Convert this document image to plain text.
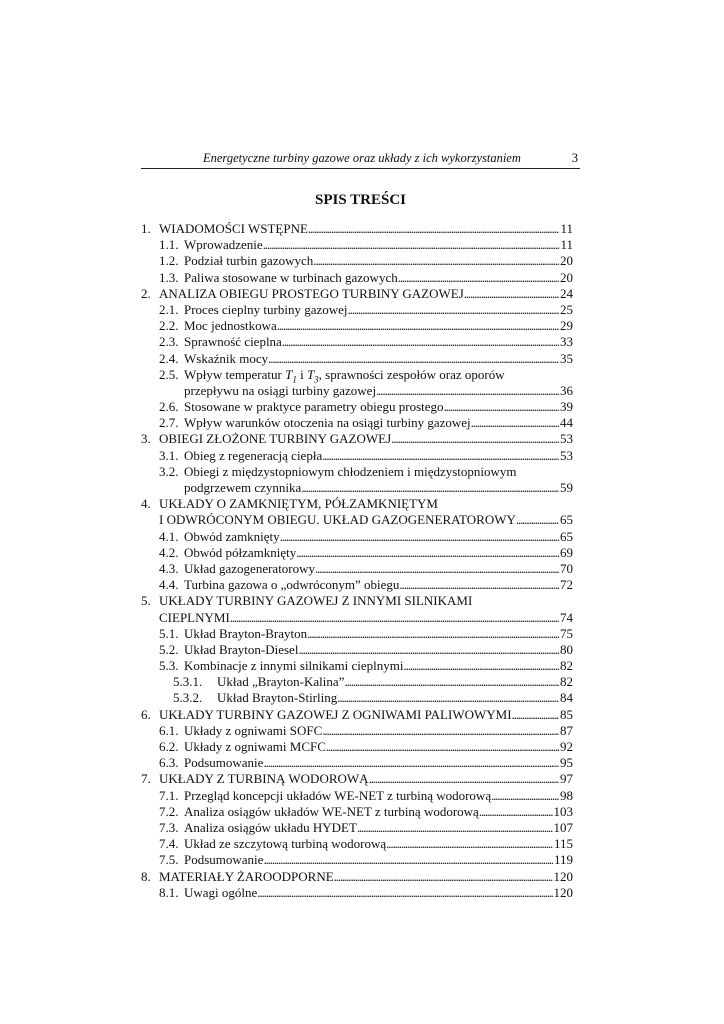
Energetyczne turbiny gazowe oraz układy z ich wykorzystaniem	3
SPIS TREŚCI
1. WIADOMOŚCI WSTĘPNE . . .	11
1.1. Wprowadzenie . . .	11
1.2. Podział turbin gazowych . . .	20
1.3. Paliwa stosowane w turbinach gazowych . . .	20
2. ANALIZA OBIEGU PROSTEGO TURBINY GAZOWEJ . . .	24
2.1. Proces cieplny turbiny gazowej . . .	25
2.2. Moc jednostkowa . . .	29
2.3. Sprawność cieplna . . .	33
2.4. Wskaźnik mocy . . .	35
2.5. Wpływ temperatur $T_1$ i $T_3$, sprawności zespołów oraz oporów
przepływu na osiągi turbiny gazowej . . .	36
2.6. Stosowane w praktyce parametry obiegu prostego . . .	39
2.7. Wpływ warunków otoczenia na osiągi turbiny gazowej . . .	44
3. OBIEGI ZŁOŻONE TURBINY GAZOWEJ . . .	53
3.1. Obieg z regeneracją ciepła . . .	53
3.2. Obiegi z międzystopniowym chłodzeniem i międzystopniowym
podgrzewem czynnika . . .	59
4. UKŁADY O ZAMKNIĘTYM, PÓŁZAMKNIĘTYM
I ODWRÓCONYM OBIEGU. UKŁAD GAZOGENERATOROWY . . .	65
4.1. Obwód zamknięty . . .	65
4.2. Obwód półzamknięty . . .	69
4.3. Układ gazogeneratorowy . . .	70
4.4. Turbina gazowa o „odwróconym” obiegu . . .	72
5. UKŁADY TURBINY GAZOWEJ Z INNYMI SILNIKAMI
CIEPLNYMI . . .	74
5.1. Układ Brayton-Brayton . . .	75
5.2. Układ Brayton-Diesel . . .	80
5.3. Kombinacje z innymi silnikami cieplnymi . . .	82
5.3.1. Układ „Brayton-Kalina” . . .	82
5.3.2. Układ Brayton-Stirling . . .	84
6. UKŁADY TURBINY GAZOWEJ Z OGNIWAMI PALIWOWYMI . . .	85
6.1. Układy z ogniwami SOFC . . .	87
6.2. Układy z ogniwami MCFC . . .	92
6.3. Podsumowanie . . .	95
7. UKŁADY Z TURBINĄ WODOROWĄ . . .	97
7.1. Przegląd koncepcji układów WE-NET z turbiną wodorową . . .	98
7.2. Analiza osiągów układów WE-NET z turbiną wodorową . . .	103
7.3. Analiza osiągów układu HYDET . . .	107
7.4. Układ ze szczytową turbiną wodorową . . .	115
7.5. Podsumowanie . . .	119
8. MATERIAŁY ŻAROODPORNE . . .	120
8.1. Uwagi ogólne . . .	120
